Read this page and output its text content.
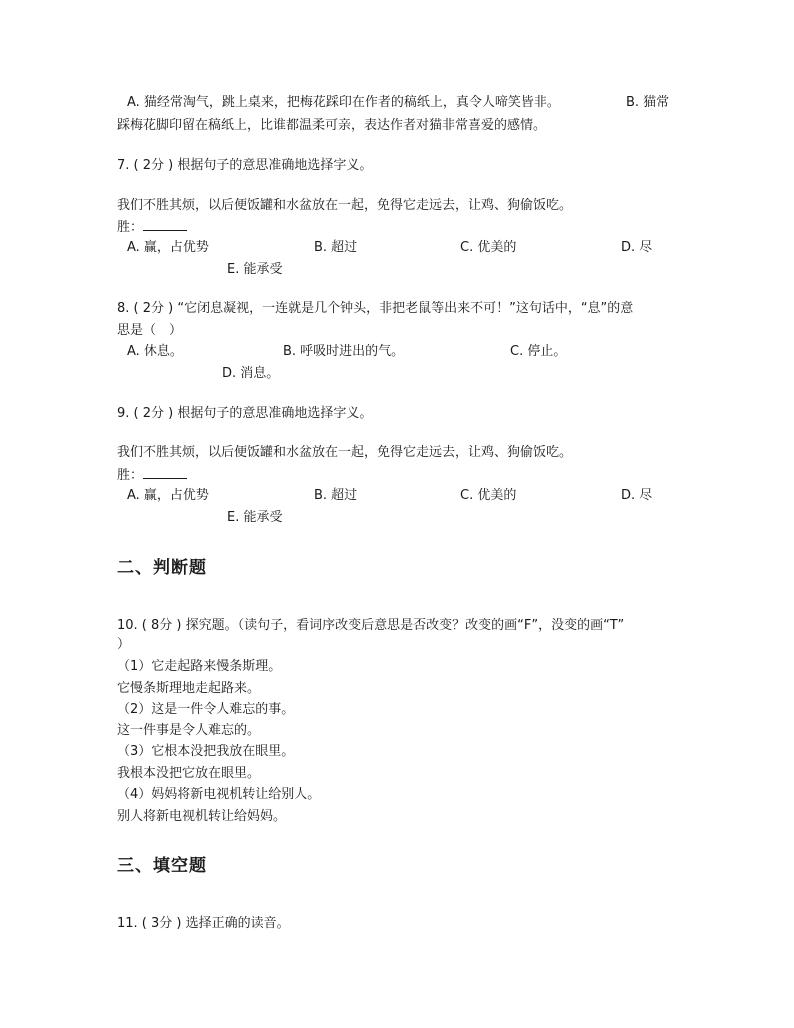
A. 猫经常淘气，跳上桌来，把梅花踩印在作者的稿纸上，真令人啼笑皆非。	B. 猫常
踩梅花脚印留在稿纸上，比谁都温柔可亲，表达作者对猫非常喜爱的感情。
7. ( 2分 ) 根据句子的意思准确地选择字义。
我们不胜其烦，以后便饭罐和水盆放在一起，免得它走远去，让鸡、狗偷饭吃。
胜：
A. 赢，占优势	B. 超过	C. 优美的	D. 尽
E. 能承受
8. ( 2分 ) “它闭息凝视，一连就是几个钟头，非把老鼠等出来不可！”这句话中，“息”的意
思是（　）
A. 休息。	B. 呼吸时进出的气。	C. 停止。
D. 消息。
9. ( 2分 ) 根据句子的意思准确地选择字义。
我们不胜其烦，以后便饭罐和水盆放在一起，免得它走远去，让鸡、狗偷饭吃。
胜：
A. 赢，占优势	B. 超过	C. 优美的	D. 尽
E. 能承受
二、判断题
10. ( 8分 ) 探究题。（读句子，看词序改变后意思是否改变？改变的画“F”，没变的画“T”
）
（1）它走起路来慢条斯理。
它慢条斯理地走起路来。
（2）这是一件令人难忘的事。
这一件事是令人难忘的。
（3）它根本没把我放在眼里。
我根本没把它放在眼里。
（4）妈妈将新电视机转让给别人。
别人将新电视机转让给妈妈。
三、填空题
11. ( 3分 ) 选择正确的读音。
